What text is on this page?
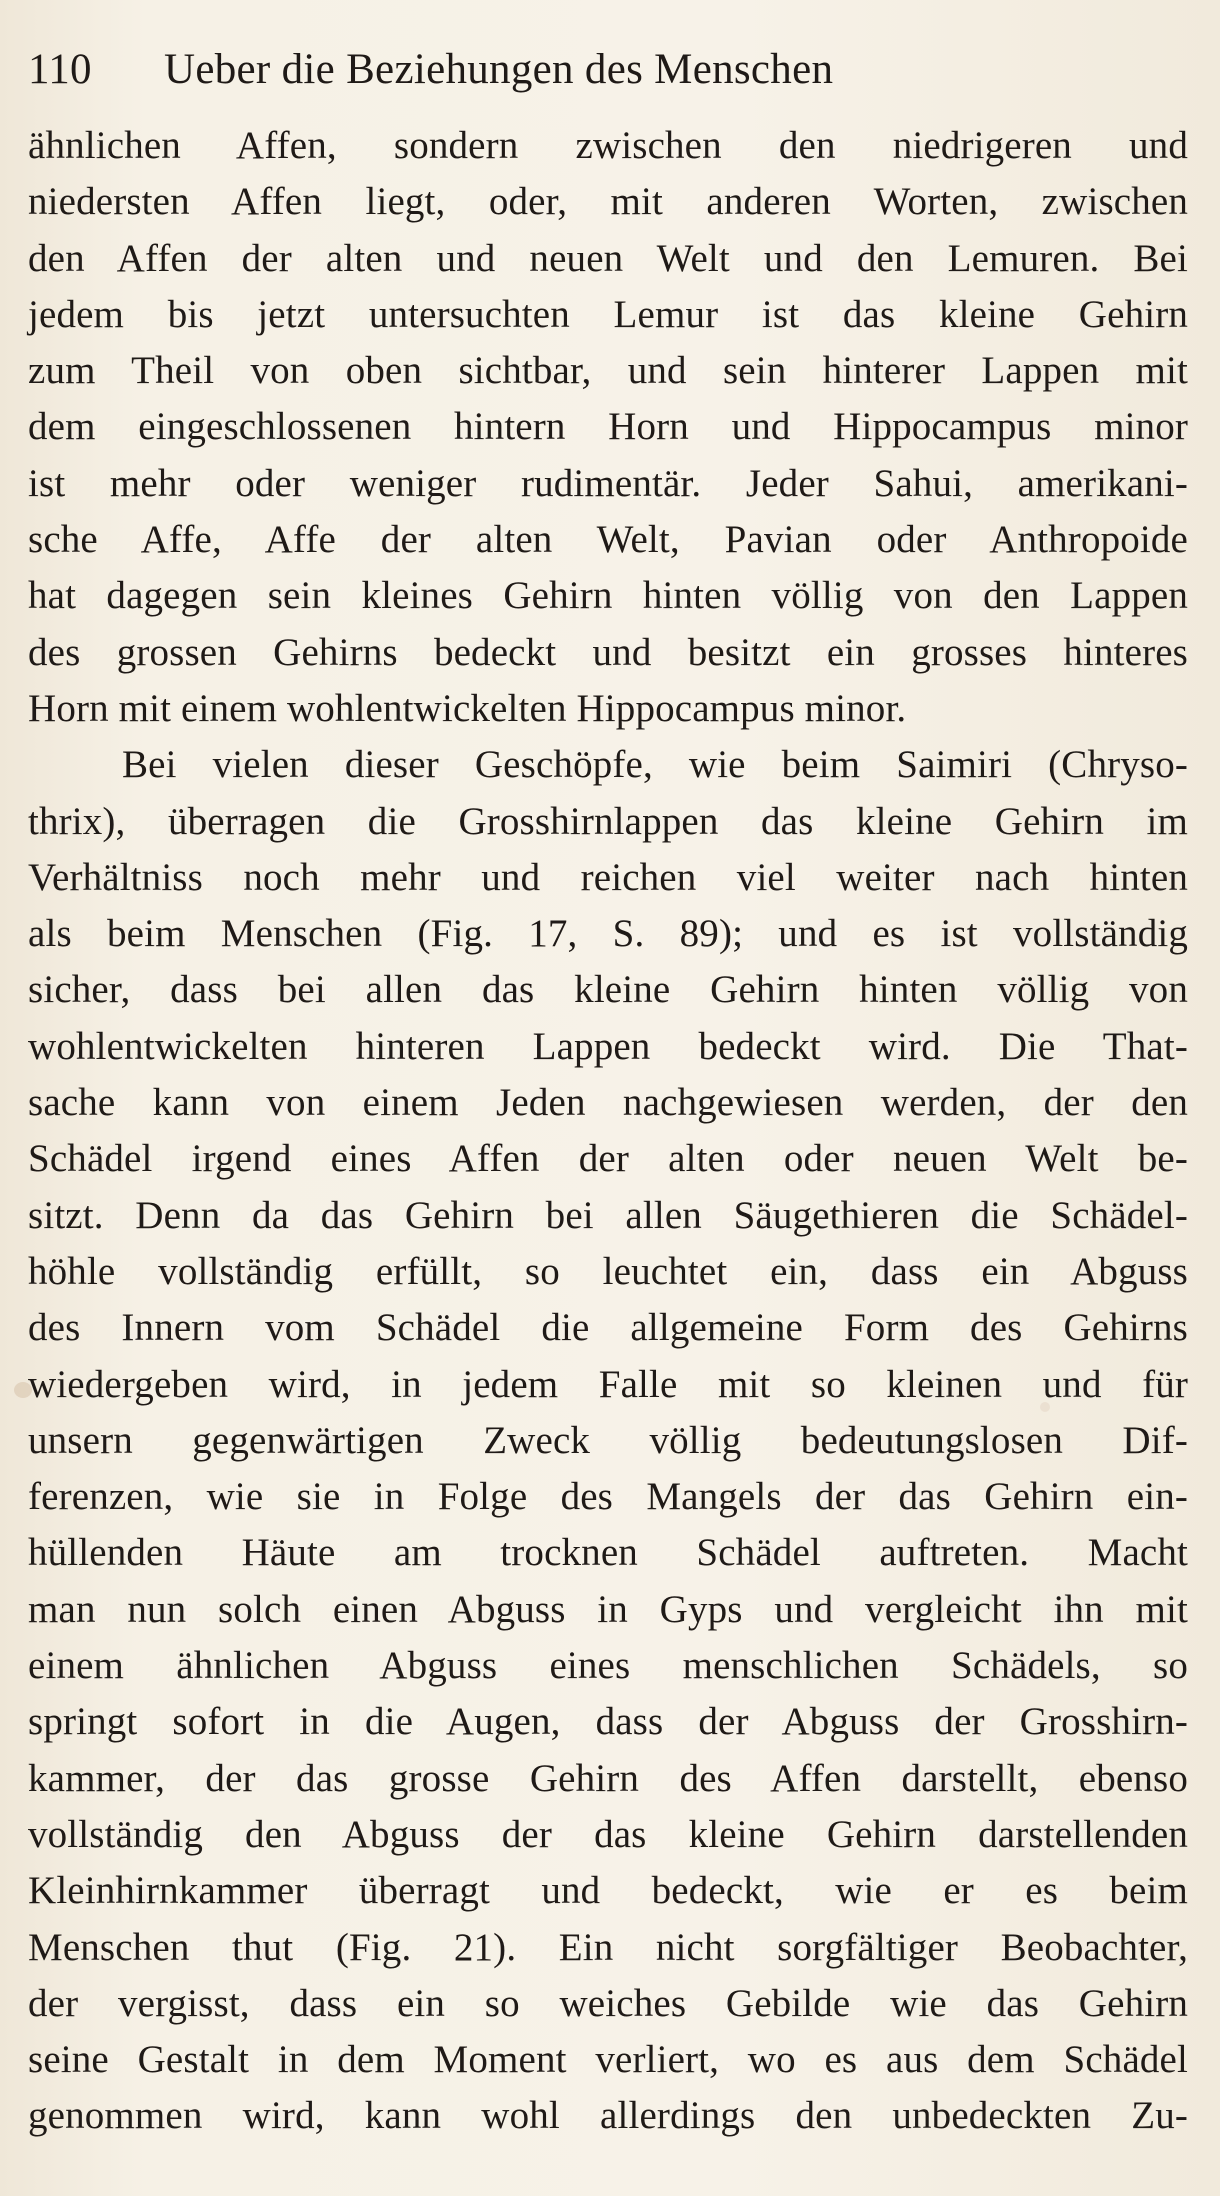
110 Ueber die Beziehungen des Menschen
ähnlichen Affen, sondern zwischen den niedrigeren und
niedersten Affen liegt, oder, mit anderen Worten, zwischen
den Affen der alten und neuen Welt und den Lemuren. Bei
jedem bis jetzt untersuchten Lemur ist das kleine Gehirn
zum Theil von oben sichtbar, und sein hinterer Lappen mit
dem eingeschlossenen hintern Horn und Hippocampus minor
ist mehr oder weniger rudimentär. Jeder Sahui, amerikani-
sche Affe, Affe der alten Welt, Pavian oder Anthropoide
hat dagegen sein kleines Gehirn hinten völlig von den Lappen
des grossen Gehirns bedeckt und besitzt ein grosses hinteres
Horn mit einem wohlentwickelten Hippocampus minor.
Bei vielen dieser Geschöpfe, wie beim Saimiri (Chryso-
thrix), überragen die Grosshirnlappen das kleine Gehirn im
Verhältniss noch mehr und reichen viel weiter nach hinten
als beim Menschen (Fig. 17, S. 89); und es ist vollständig
sicher, dass bei allen das kleine Gehirn hinten völlig von
wohlentwickelten hinteren Lappen bedeckt wird. Die That-
sache kann von einem Jeden nachgewiesen werden, der den
Schädel irgend eines Affen der alten oder neuen Welt be-
sitzt. Denn da das Gehirn bei allen Säugethieren die Schädel-
höhle vollständig erfüllt, so leuchtet ein, dass ein Abguss
des Innern vom Schädel die allgemeine Form des Gehirns
wiedergeben wird, in jedem Falle mit so kleinen und für
unsern gegenwärtigen Zweck völlig bedeutungslosen Dif-
ferenzen, wie sie in Folge des Mangels der das Gehirn ein-
hüllenden Häute am trocknen Schädel auftreten. Macht
man nun solch einen Abguss in Gyps und vergleicht ihn mit
einem ähnlichen Abguss eines menschlichen Schädels, so
springt sofort in die Augen, dass der Abguss der Grosshirn-
kammer, der das grosse Gehirn des Affen darstellt, ebenso
vollständig den Abguss der das kleine Gehirn darstellenden
Kleinhirnkammer überragt und bedeckt, wie er es beim
Menschen thut (Fig. 21). Ein nicht sorgfältiger Beobachter,
der vergisst, dass ein so weiches Gebilde wie das Gehirn
seine Gestalt in dem Moment verliert, wo es aus dem Schädel
genommen wird, kann wohl allerdings den unbedeckten Zu-
